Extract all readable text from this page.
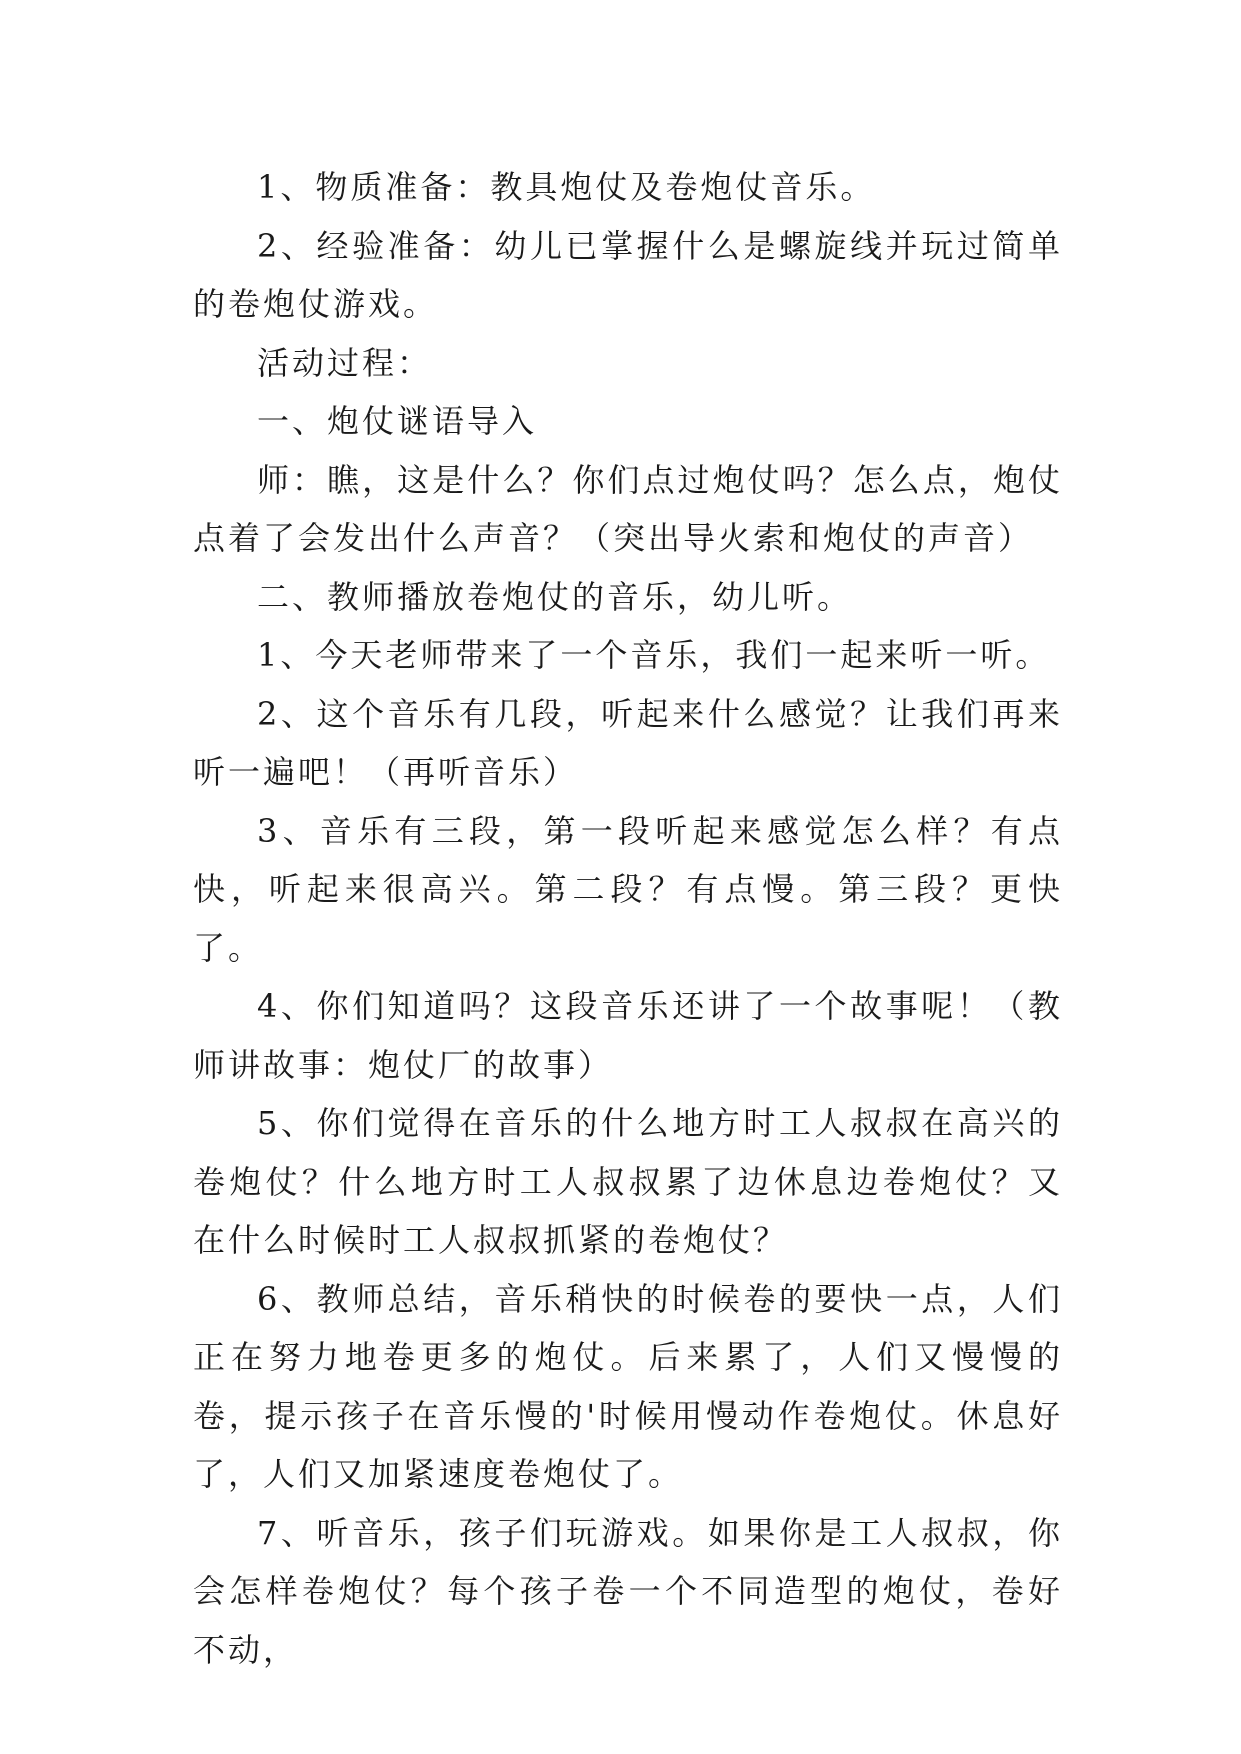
1、物质准备：教具炮仗及卷炮仗音乐。

2、经验准备：幼儿已掌握什么是螺旋线并玩过简单的卷炮仗游戏。

活动过程：

一、炮仗谜语导入

师：瞧，这是什么？你们点过炮仗吗？怎么点，炮仗点着了会发出什么声音？（突出导火索和炮仗的声音）

二、教师播放卷炮仗的音乐，幼儿听。

1、今天老师带来了一个音乐，我们一起来听一听。

2、这个音乐有几段，听起来什么感觉？让我们再来听一遍吧！（再听音乐）

3、音乐有三段，第一段听起来感觉怎么样？有点快，听起来很高兴。第二段？有点慢。第三段？更快了。

4、你们知道吗？这段音乐还讲了一个故事呢！（教师讲故事：炮仗厂的故事）

5、你们觉得在音乐的什么地方时工人叔叔在高兴的卷炮仗？什么地方时工人叔叔累了边休息边卷炮仗？又在什么时候时工人叔叔抓紧的卷炮仗？

6、教师总结，音乐稍快的时候卷的要快一点，人们正在努力地卷更多的炮仗。后来累了，人们又慢慢的卷，提示孩子在音乐慢的'时候用慢动作卷炮仗。休息好了，人们又加紧速度卷炮仗了。

7、听音乐，孩子们玩游戏。如果你是工人叔叔，你会怎样卷炮仗？每个孩子卷一个不同造型的炮仗，卷好不动，
